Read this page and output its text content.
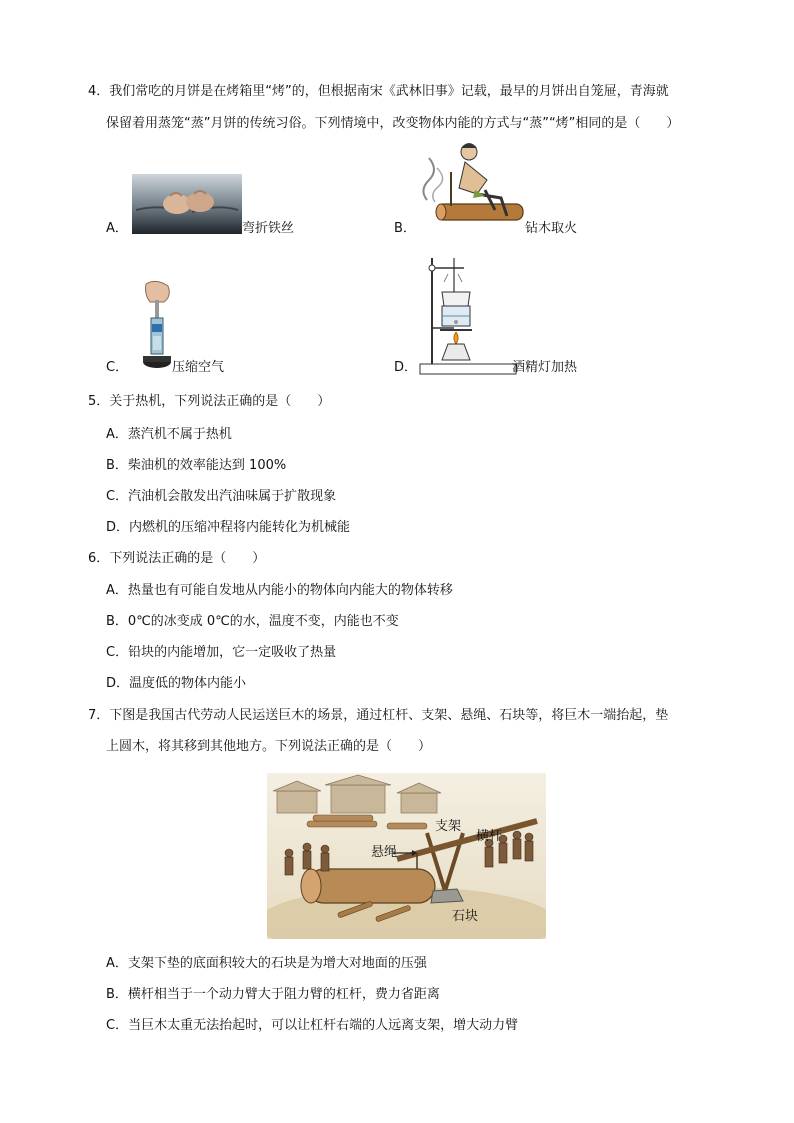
4．我们常吃的月饼是在烤箱里“烤”的，但根据南宋《武林旧事》记载，最早的月饼出自笼屉，青海就
保留着用蒸笼“蒸”月饼的传统习俗。下列情境中，改变物体内能的方式与“蒸”“烤”相同的是（　　）
A．	弯折铁丝	B．	钻木取火
C．	压缩空气	D．	酒精灯加热
5．关于热机，下列说法正确的是（　　）
A．蒸汽机不属于热机
B．柴油机的效率能达到 100%
C．汽油机会散发出汽油味属于扩散现象
D．内燃机的压缩冲程将内能转化为机械能
6．下列说法正确的是（　　）
A．热量也有可能自发地从内能小的物体向内能大的物体转移
B．0℃的冰变成 0℃的水，温度不变，内能也不变
C．铅块的内能增加，它一定吸收了热量
D．温度低的物体内能小
7．下图是我国古代劳动人民运送巨木的场景，通过杠杆、支架、悬绳、石块等，将巨木一端抬起，垫
上圆木，将其移到其他地方。下列说法正确的是（　　）
支架
横杆
悬绳
石块
A．支架下垫的底面积较大的石块是为增大对地面的压强
B．横杆相当于一个动力臂大于阻力臂的杠杆，费力省距离
C．当巨木太重无法抬起时，可以让杠杆右端的人远离支架，增大动力臂
